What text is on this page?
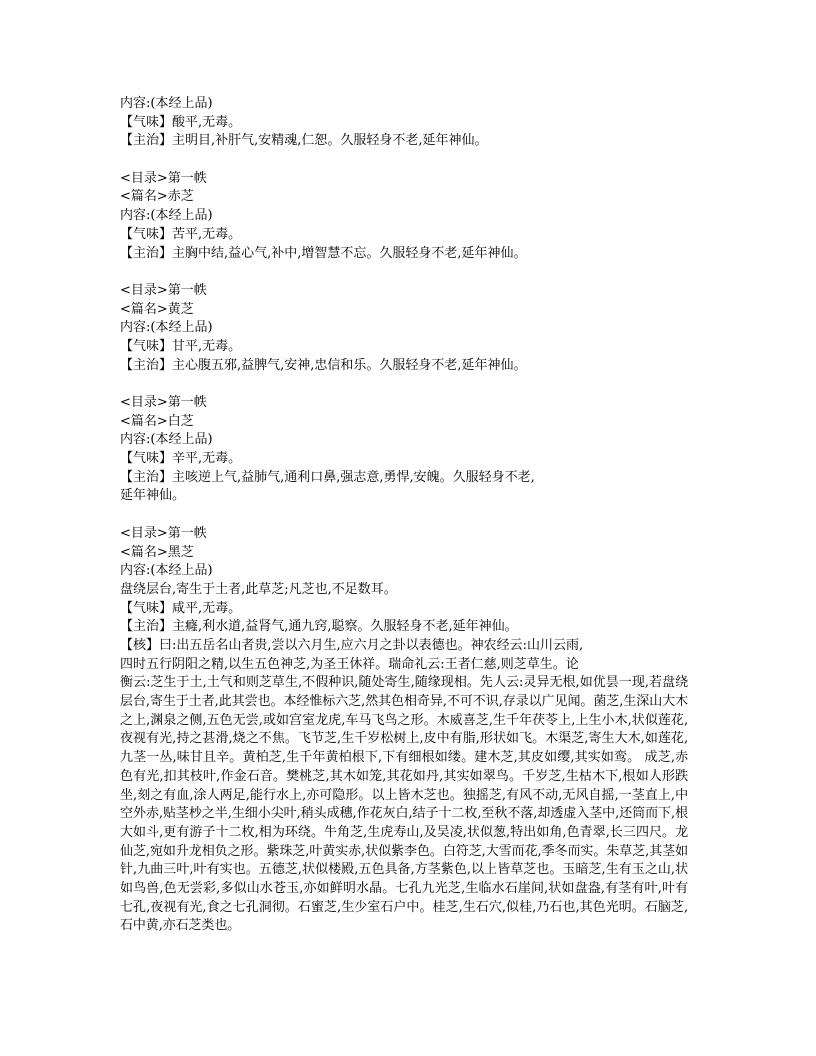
内容:(本经上品)
【气味】酸平,无毒。
【主治】主明目,补肝气,安精魂,仁恕。久服轻身不老,延年神仙。
<目录>第一帙
<篇名>赤芝
内容:(本经上品)
【气味】苦平,无毒。
【主治】主胸中结,益心气,补中,增智慧不忘。久服轻身不老,延年神仙。
<目录>第一帙
<篇名>黄芝
内容:(本经上品)
【气味】甘平,无毒。
【主治】主心腹五邪,益脾气,安神,忠信和乐。久服轻身不老,延年神仙。
<目录>第一帙
<篇名>白芝
内容:(本经上品)
【气味】辛平,无毒。
【主治】主咳逆上气,益肺气,通利口鼻,强志意,勇悍,安魄。久服轻身不老,
延年神仙。
<目录>第一帙
<篇名>黑芝
内容:(本经上品)
盘绕层台,寄生于土者,此草芝;凡芝也,不足数耳。
【气味】咸平,无毒。
【主治】主癃,利水道,益肾气,通九窍,聪察。久服轻身不老,延年神仙。
【核】曰:出五岳名山者贵,尝以六月生,应六月之卦以表德也。神农经云:山川云雨,
四时五行阴阳之精,以生五色神芝,为圣王休祥。瑞命礼云:王者仁慈,则芝草生。论
衡云:芝生于土,土气和则芝草生,不假种识,随处寄生,随缘现相。先人云:灵异无根,如优昙一现,若盘绕层台,寄生于土者,此其尝也。本经惟标六芝,然其色相奇异,不可不识,存录以广见闻。菌芝,生深山大木之上,渊泉之侧,五色无尝,或如宫室龙虎,车马飞鸟之形。木威喜芝,生千年茯苓上,上生小木,状似莲花,夜视有光,持之甚滑,烧之不焦。飞节芝,生千岁松树上,皮中有脂,形状如飞。木渠芝,寄生大木,如莲花,九茎一丛,味甘且辛。黄柏芝,生千年黄柏根下,下有细根如缕。建木芝,其皮如缨,其实如鸾。 成芝,赤色有光,扣其枝叶,作金石音。樊桃芝,其木如笼,其花如丹,其实如翠鸟。千岁芝,生枯木下,根如人形跌坐,刻之有血,涂人两足,能行水上,亦可隐形。以上皆木芝也。独摇芝,有风不动,无风自摇,一茎直上,中空外赤,贴茎杪之半,生细小尖叶,稍头成穗,作花灰白,结子十二枚,至秋不落,却透虚入茎中,还筒而下,根大如斗,更有游子十二枚,相为环绕。牛角芝,生虎寿山,及吴凌,状似葱,特出如角,色青翠,长三四尺。龙仙芝,宛如升龙相负之形。紫珠芝,叶黄实赤,状似紫李色。白符芝,大雪而花,季冬而实。朱草芝,其茎如针,九曲三叶,叶有实也。五德芝,状似楼殿,五色具备,方茎紫色,以上皆草芝也。玉暗芝,生有玉之山,状如鸟兽,色无尝彩,多似山水苍玉,亦如鲜明水晶。七孔九光芝,生临水石崖间,状如盘盎,有茎有叶,叶有七孔,夜视有光,食之七孔洞彻。石蜜芝,生少室石户中。桂芝,生石穴,似桂,乃石也,其色光明。石脑芝,石中黄,亦石芝类也。
